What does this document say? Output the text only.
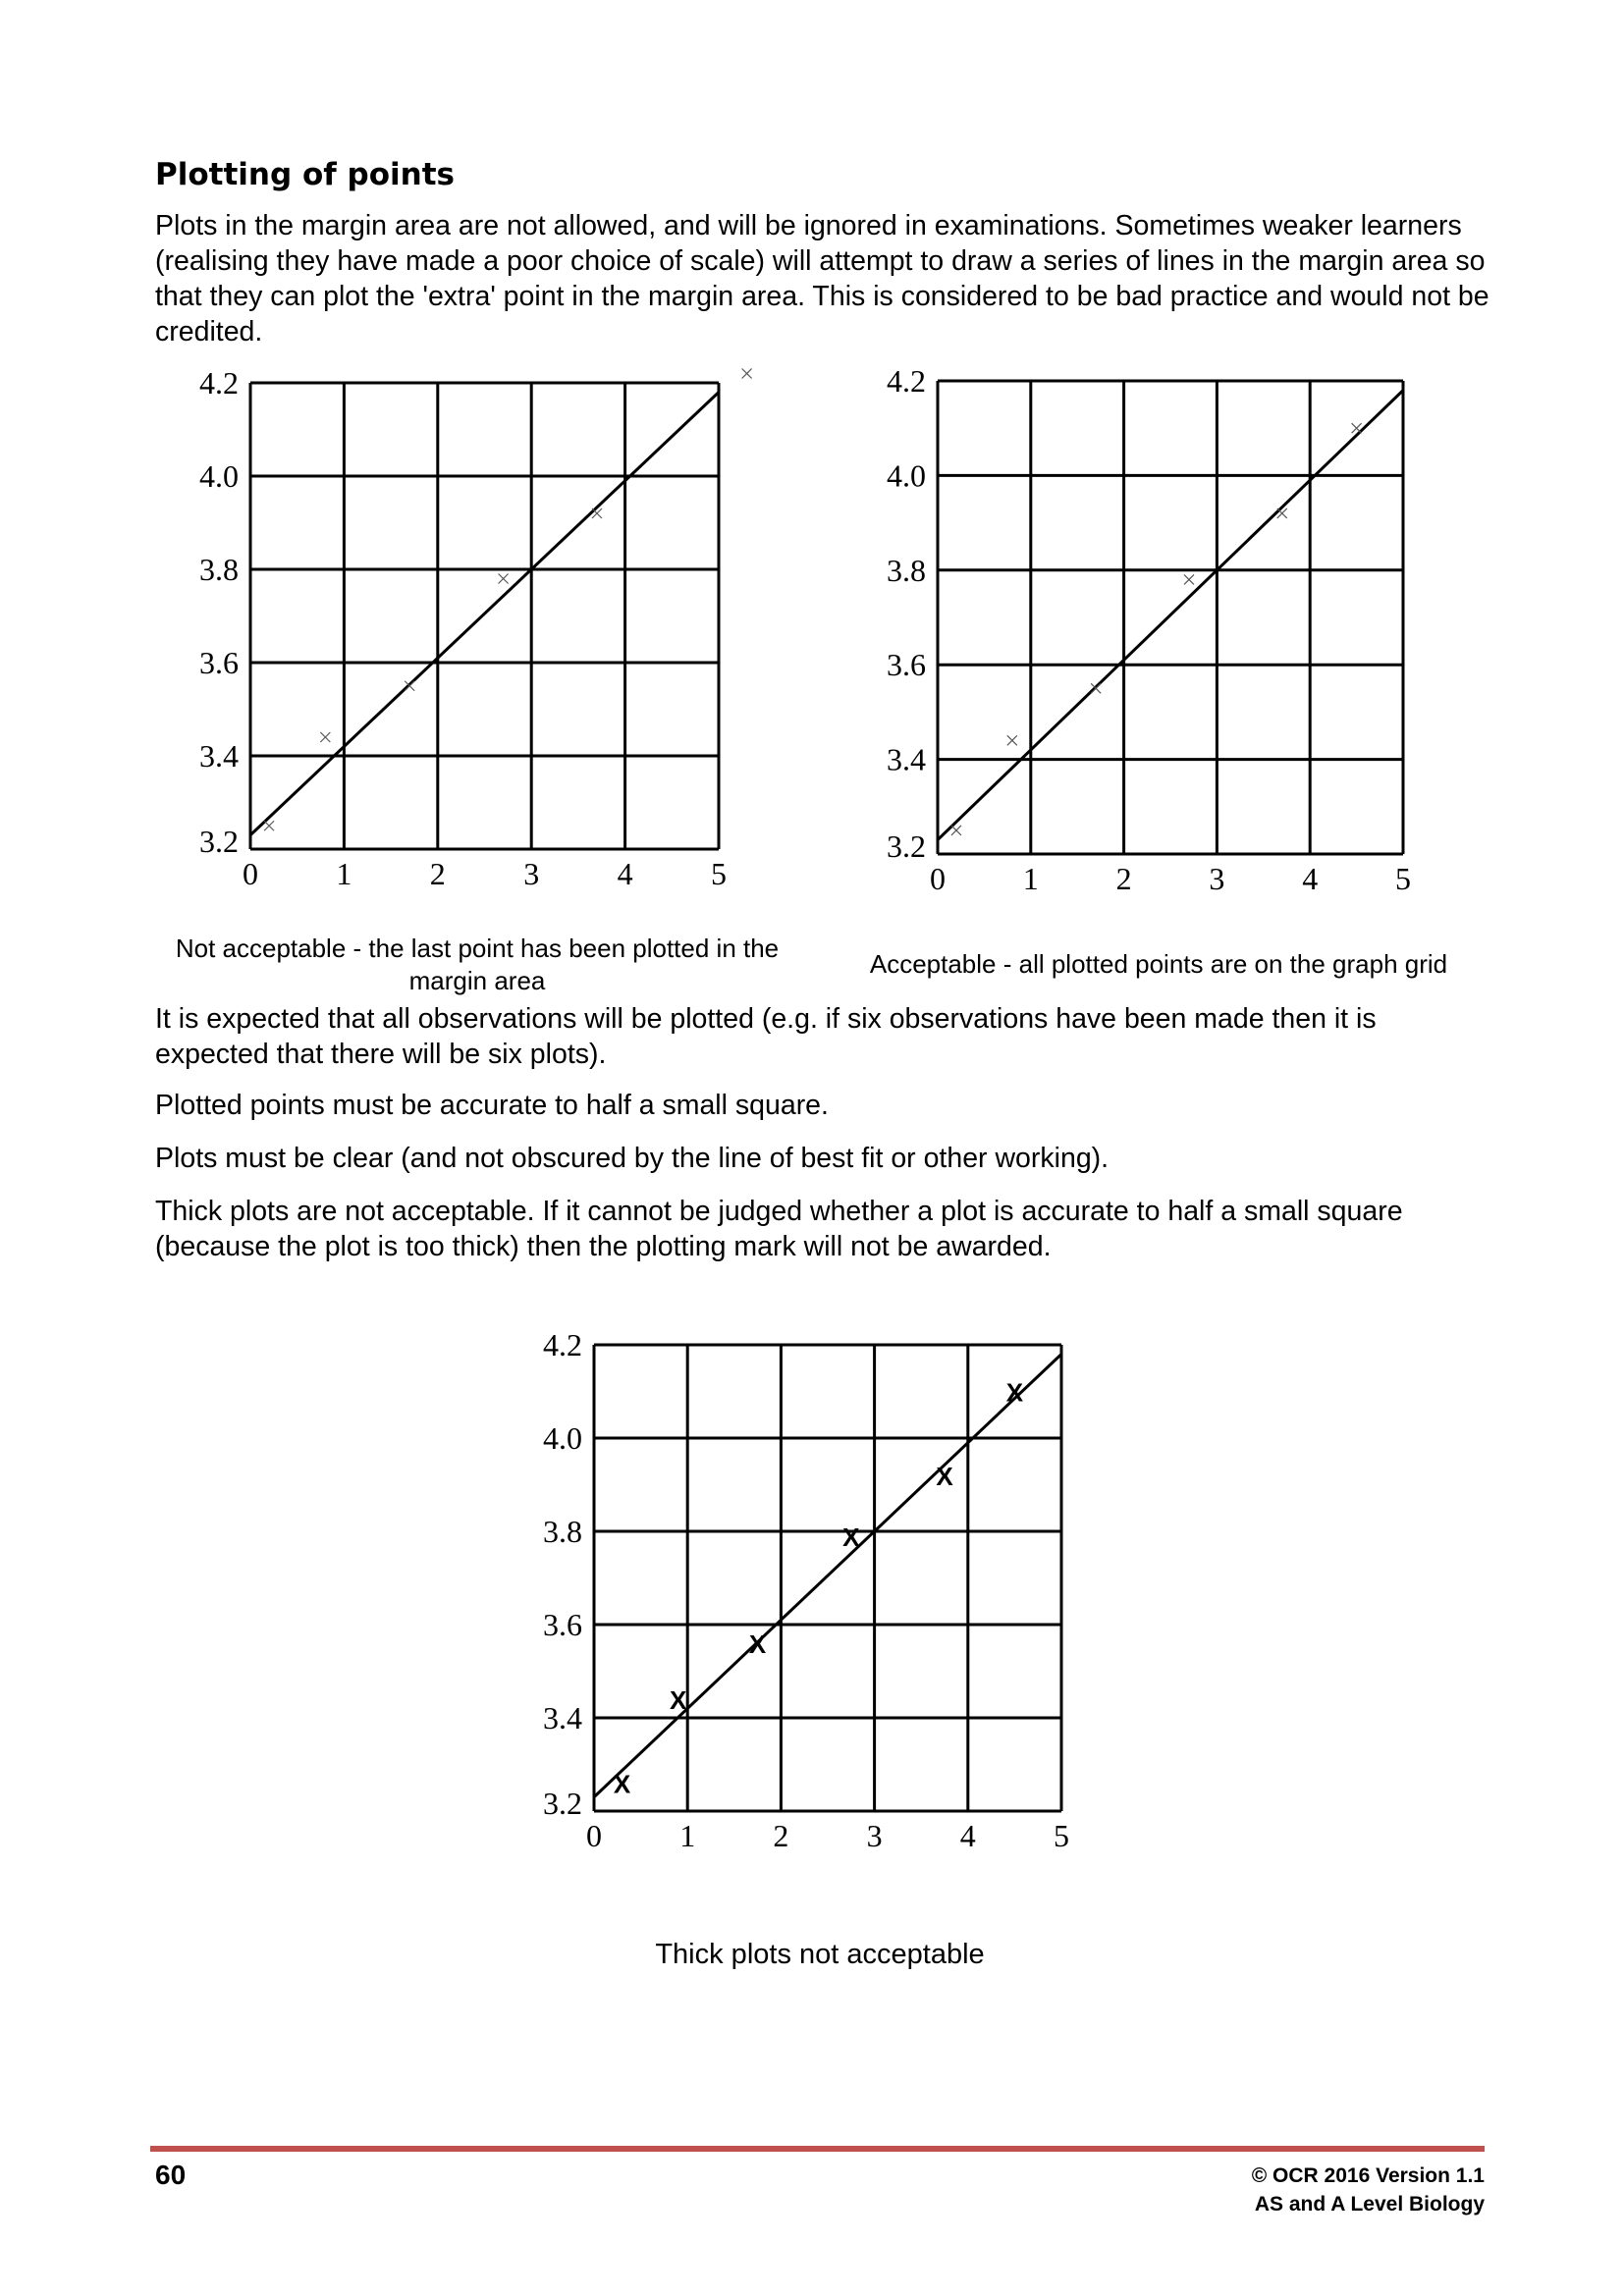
Plotting of points

Plots in the margin area are not allowed, and will be ignored in examinations. Sometimes weaker learners (realising they have made a poor choice of scale) will attempt to draw a series of lines in the margin area so that they can plot the 'extra' point in the margin area. This is considered to be bad practice and would not be credited.

4.2
4.0
3.8
3.6
3.4
3.2
0 1 2 3 4 5
Not acceptable - the last point has been plotted in the margin area
4.2
4.0
3.8
3.6
3.4
3.2
0 1 2 3 4 5
Acceptable - all plotted points are on the graph grid

It is expected that all observations will be plotted (e.g. if six observations have been made then it is expected that there will be six plots).

Plotted points must be accurate to half a small square.

Plots must be clear (and not obscured by the line of best fit or other working).

Thick plots are not acceptable. If it cannot be judged whether a plot is accurate to half a small square (because the plot is too thick) then the plotting mark will not be awarded.

4.2
4.0
3.8
3.6
3.4
3.2
0 1 2 3 4 5
X
X
X
X
X
X
Thick plots not acceptable
60	© OCR 2016 Version 1.1
AS and A Level Biology
